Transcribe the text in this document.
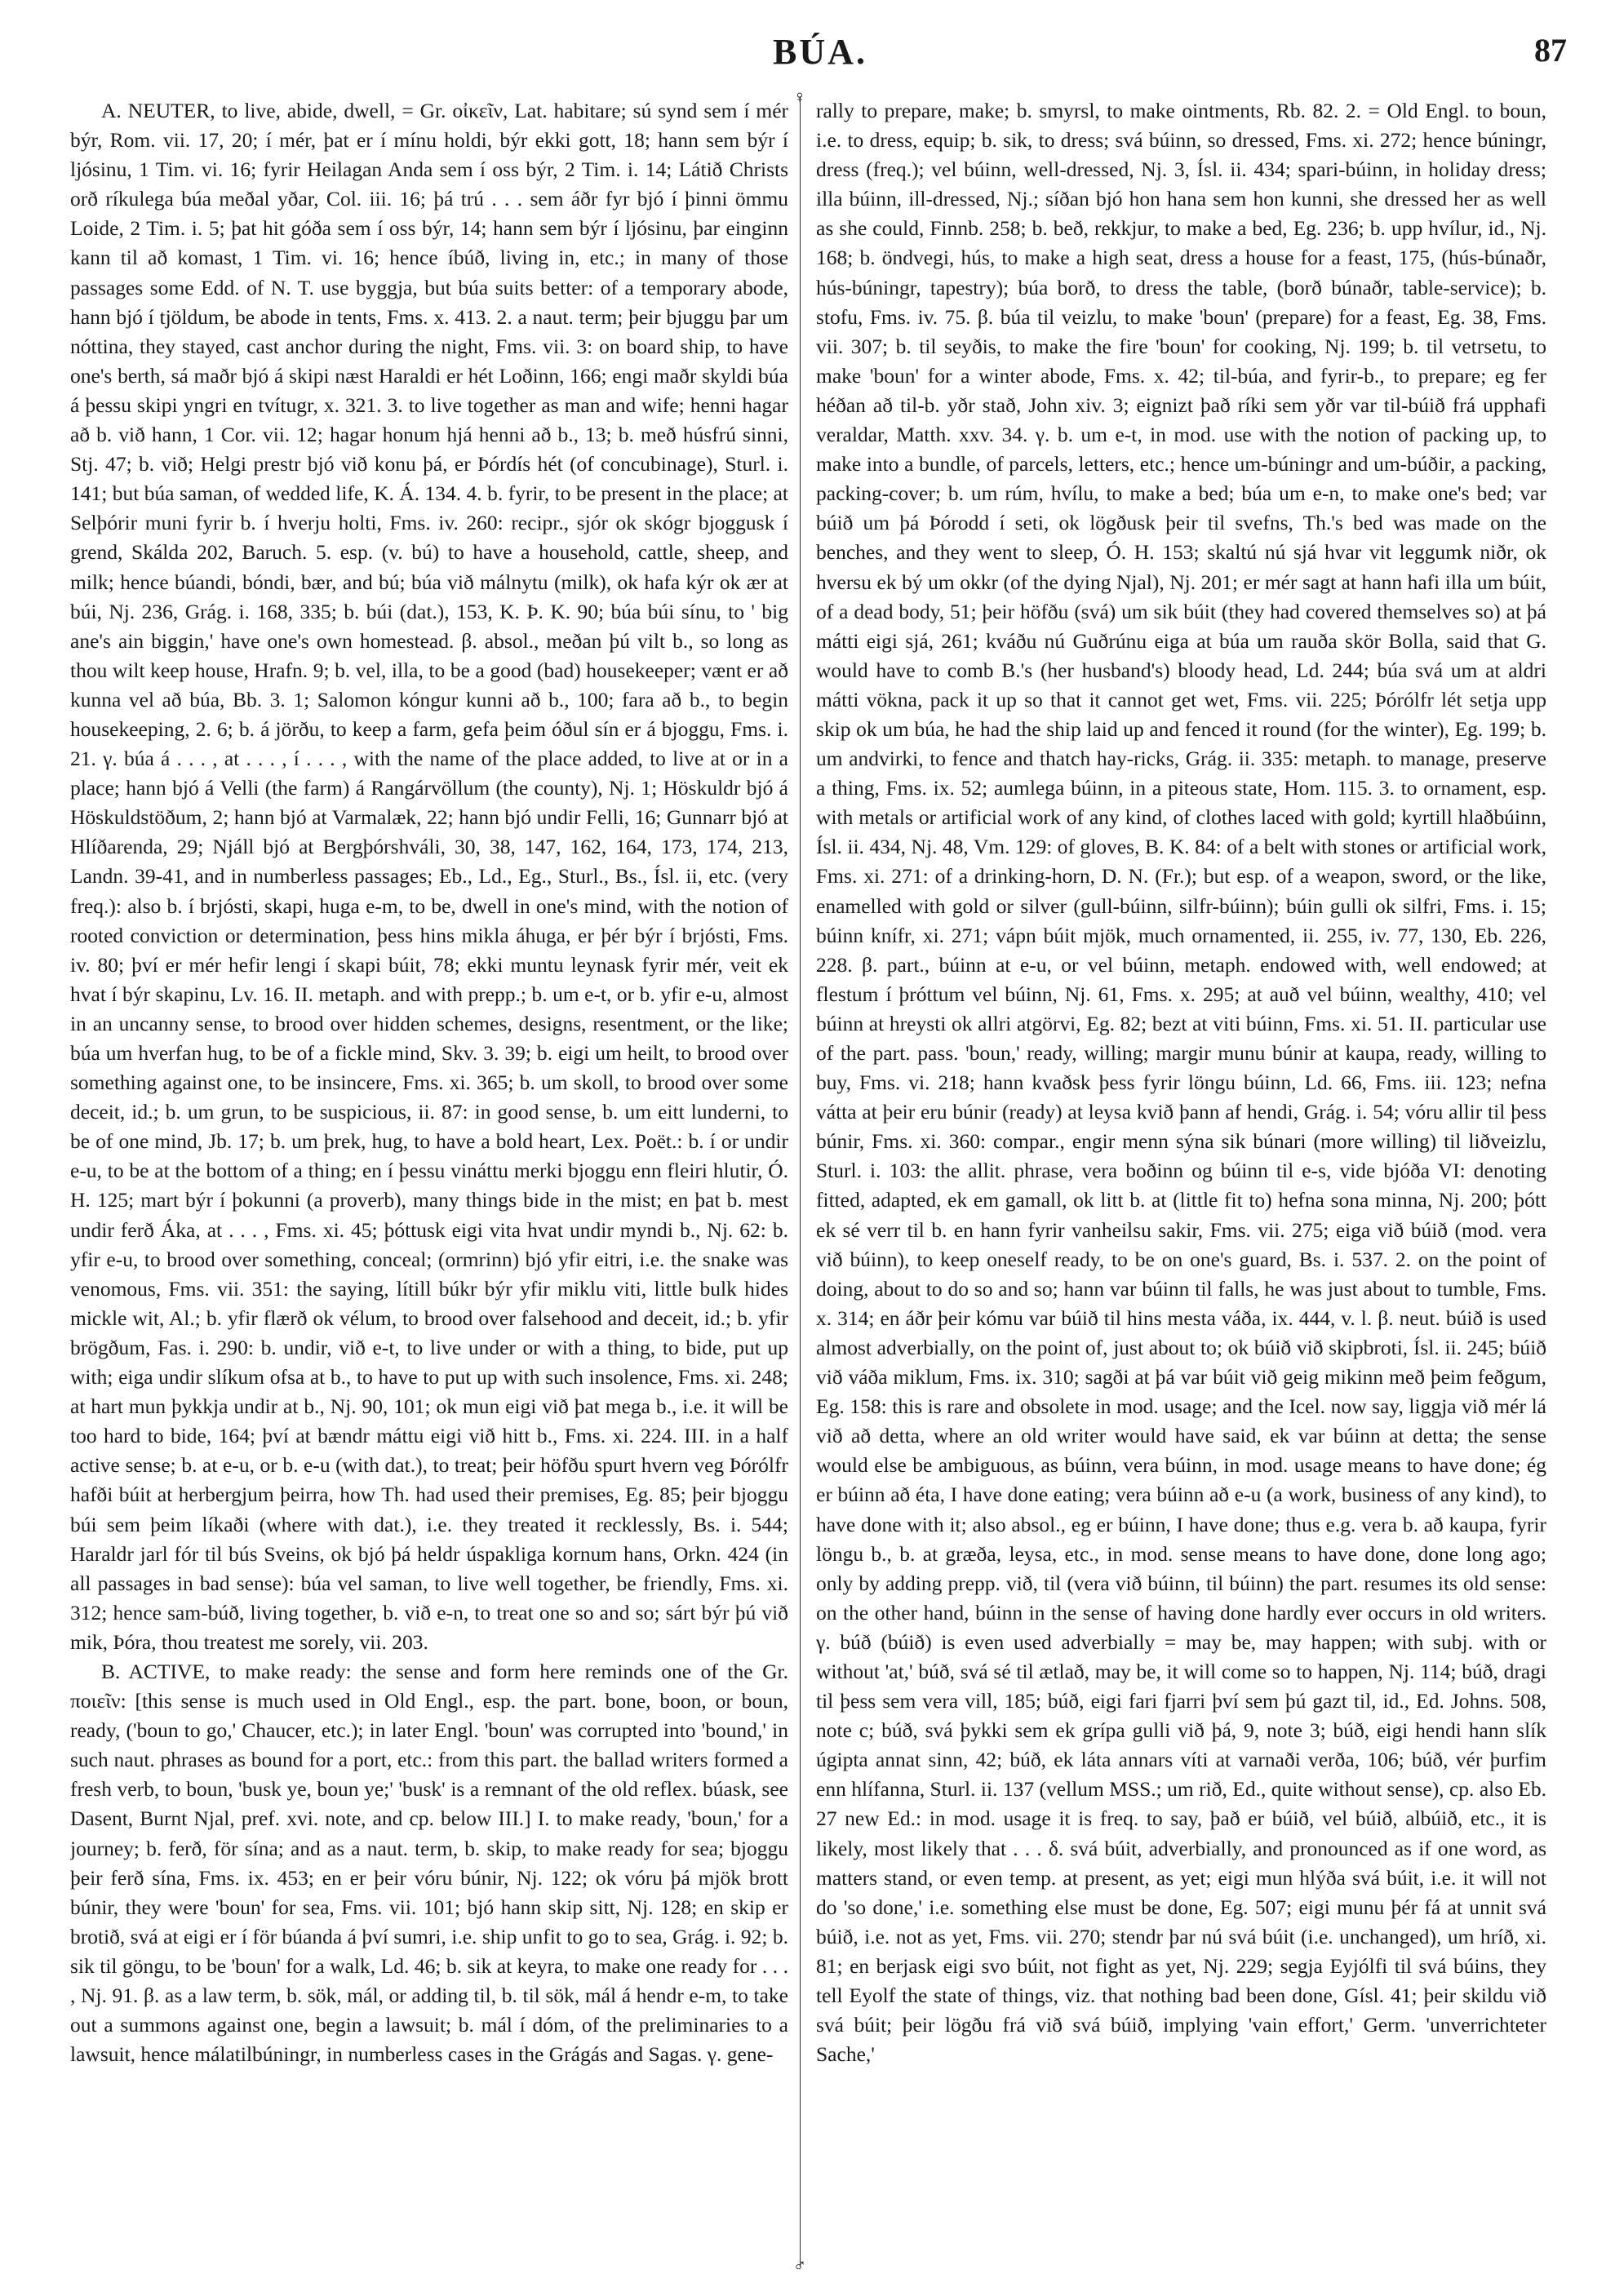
BÚA.	87

A. NEUTER, to live, abide, dwell, = Gr. οἰκεῖν, Lat. habitare; sú synd sem í mér býr, Rom. vii. 17, 20; í mér, þat er í mínu holdi, býr ekki gott, 18; hann sem býr í ljósinu, 1 Tim. vi. 16; fyrir Heilagan Anda sem í oss býr, 2 Tim. i. 14; Látið Christs orð ríkulega búa meðal yðar, Col. iii. 16; þá trú . . . sem áðr fyr bjó í þinni ömmu Loide, 2 Tim. i. 5; þat hit góða sem í oss býr, 14; hann sem býr í ljósinu, þar einginn kann til að komast, 1 Tim. vi. 16; hence íbúð, living in, etc.; in many of those passages some Edd. of N. T. use byggja, but búa suits better: of a temporary abode, hann bjó í tjöldum, be abode in tents, Fms. x. 413. 2. a naut. term; þeir bjuggu þar um nóttina, they stayed, cast anchor during the night, Fms. vii. 3: on board ship, to have one's berth, sá maðr bjó á skipi næst Haraldi er hét Loðinn, 166; engi maðr skyldi búa á þessu skipi yngri en tvítugr, x. 321. 3. to live together as man and wife; henni hagar að b. við hann, 1 Cor. vii. 12; hagar honum hjá henni að b., 13; b. með húsfrú sinni, Stj. 47; b. við; Helgi prestr bjó við konu þá, er Þórdís hét (of concubinage), Sturl. i. 141; but búa saman, of wedded life, K. Á. 134. 4. b. fyrir, to be present in the place; at Selþórir muni fyrir b. í hverju holti, Fms. iv. 260: recipr., sjór ok skógr bjoggusk í grend, Skálda 202, Baruch. 5. esp. (v. bú) to have a household, cattle, sheep, and milk; hence búandi, bóndi, bær, and bú; búa við málnytu (milk), ok hafa kýr ok ær at búi, Nj. 236, Grág. i. 168, 335; b. búi (dat.), 153, K. Þ. K. 90; búa búi sínu, to ' big ane's ain biggin,' have one's own homestead. β. absol., meðan þú vilt b., so long as thou wilt keep house, Hrafn. 9; b. vel, illa, to be a good (bad) housekeeper; vænt er að kunna vel að búa, Bb. 3. 1; Salomon kóngur kunni að b., 100; fara að b., to begin housekeeping, 2. 6; b. á jörðu, to keep a farm, gefa þeim óðul sín er á bjoggu, Fms. i. 21. γ. búa á . . . , at . . . , í . . . , with the name of the place added, to live at or in a place; hann bjó á Velli (the farm) á Rangárvöllum (the county), Nj. 1; Höskuldr bjó á Höskuldstöðum, 2; hann bjó at Varmalæk, 22; hann bjó undir Felli, 16; Gunnarr bjó at Hlíðarenda, 29; Njáll bjó at Bergþórshváli, 30, 38, 147, 162, 164, 173, 174, 213, Landn. 39-41, and in numberless passages; Eb., Ld., Eg., Sturl., Bs., Ísl. ii, etc. (very freq.): also b. í brjósti, skapi, huga e-m, to be, dwell in one's mind, with the notion of rooted conviction or determination, þess hins mikla áhuga, er þér býr í brjósti, Fms. iv. 80; því er mér hefir lengi í skapi búit, 78; ekki muntu leynask fyrir mér, veit ek hvat í býr skapinu, Lv. 16. II. metaph. and with prepp.; b. um e-t, or b. yfir e-u, almost in an uncanny sense, to brood over hidden schemes, designs, resentment, or the like; búa um hverfan hug, to be of a fickle mind, Skv. 3. 39; b. eigi um heilt, to brood over something against one, to be insincere, Fms. xi. 365; b. um skoll, to brood over some deceit, id.; b. um grun, to be suspicious, ii. 87: in good sense, b. um eitt lunderni, to be of one mind, Jb. 17; b. um þrek, hug, to have a bold heart, Lex. Poët.: b. í or undir e-u, to be at the bottom of a thing; en í þessu vináttu merki bjoggu enn fleiri hlutir, Ó. H. 125; mart býr í þokunni (a proverb), many things bide in the mist; en þat b. mest undir ferð Áka, at . . . , Fms. xi. 45; þóttusk eigi vita hvat undir myndi b., Nj. 62: b. yfir e-u, to brood over something, conceal; (ormrinn) bjó yfir eitri, i.e. the snake was venomous, Fms. vii. 351: the saying, lítill búkr býr yfir miklu viti, little bulk hides mickle wit, Al.; b. yfir flærð ok vélum, to brood over falsehood and deceit, id.; b. yfir brögðum, Fas. i. 290: b. undir, við e-t, to live under or with a thing, to bide, put up with; eiga undir slíkum ofsa at b., to have to put up with such insolence, Fms. xi. 248; at hart mun þykkja undir at b., Nj. 90, 101; ok mun eigi við þat mega b., i.e. it will be too hard to bide, 164; því at bændr máttu eigi við hitt b., Fms. xi. 224. III. in a half active sense; b. at e-u, or b. e-u (with dat.), to treat; þeir höfðu spurt hvern veg Þórólfr hafði búit at herbergjum þeirra, how Th. had used their premises, Eg. 85; þeir bjoggu búi sem þeim líkaði (where with dat.), i.e. they treated it recklessly, Bs. i. 544; Haraldr jarl fór til bús Sveins, ok bjó þá heldr úspakliga kornum hans, Orkn. 424 (in all passages in bad sense): búa vel saman, to live well together, be friendly, Fms. xi. 312; hence sam-búð, living together, b. við e-n, to treat one so and so; sárt býr þú við mik, Þóra, thou treatest me sorely, vii. 203.

B. ACTIVE, to make ready: the sense and form here reminds one of the Gr. ποιεῖν: [this sense is much used in Old Engl., esp. the part. bone, boon, or boun, ready, ('boun to go,' Chaucer, etc.); in later Engl. 'boun' was corrupted into 'bound,' in such naut. phrases as bound for a port, etc.: from this part. the ballad writers formed a fresh verb, to boun, 'busk ye, boun ye;' 'busk' is a remnant of the old reflex. búask, see Dasent, Burnt Njal, pref. xvi. note, and cp. below III.] I. to make ready, 'boun,' for a journey; b. ferð, för sína; and as a naut. term, b. skip, to make ready for sea; bjoggu þeir ferð sína, Fms. ix. 453; en er þeir vóru búnir, Nj. 122; ok vóru þá mjök brott búnir, they were 'boun' for sea, Fms. vii. 101; bjó hann skip sitt, Nj. 128; en skip er brotið, svá at eigi er í för búanda á því sumri, i.e. ship unfit to go to sea, Grág. i. 92; b. sik til göngu, to be 'boun' for a walk, Ld. 46; b. sik at keyra, to make one ready for . . . , Nj. 91. β. as a law term, b. sök, mál, or adding til, b. til sök, mál á hendr e-m, to take out a summons against one, begin a lawsuit; b. mál í dóm, of the preliminaries to a lawsuit, hence málatilbúningr, in numberless cases in the Grágás and Sagas. γ. gene-

♀
♂

rally to prepare, make; b. smyrsl, to make ointments, Rb. 82. 2. = Old Engl. to boun, i.e. to dress, equip; b. sik, to dress; svá búinn, so dressed, Fms. xi. 272; hence búningr, dress (freq.); vel búinn, well-dressed, Nj. 3, Ísl. ii. 434; spari-búinn, in holiday dress; illa búinn, ill-dressed, Nj.; síðan bjó hon hana sem hon kunni, she dressed her as well as she could, Finnb. 258; b. beð, rekkjur, to make a bed, Eg. 236; b. upp hvílur, id., Nj. 168; b. öndvegi, hús, to make a high seat, dress a house for a feast, 175, (hús-búnaðr, hús-búningr, tapestry); búa borð, to dress the table, (borð búnaðr, table-service); b. stofu, Fms. iv. 75. β. búa til veizlu, to make 'boun' (prepare) for a feast, Eg. 38, Fms. vii. 307; b. til seyðis, to make the fire 'boun' for cooking, Nj. 199; b. til vetrsetu, to make 'boun' for a winter abode, Fms. x. 42; til-búa, and fyrir-b., to prepare; eg fer héðan að til-b. yðr stað, John xiv. 3; eignizt það ríki sem yðr var til-búið frá upphafi veraldar, Matth. xxv. 34. γ. b. um e-t, in mod. use with the notion of packing up, to make into a bundle, of parcels, letters, etc.; hence um-búningr and um-búðir, a packing, packing-cover; b. um rúm, hvílu, to make a bed; búa um e-n, to make one's bed; var búið um þá Þórodd í seti, ok lögðusk þeir til svefns, Th.'s bed was made on the benches, and they went to sleep, Ó. H. 153; skaltú nú sjá hvar vit leggumk niðr, ok hversu ek bý um okkr (of the dying Njal), Nj. 201; er mér sagt at hann hafi illa um búit, of a dead body, 51; þeir höfðu (svá) um sik búit (they had covered themselves so) at þá mátti eigi sjá, 261; kváðu nú Guðrúnu eiga at búa um rauða skör Bolla, said that G. would have to comb B.'s (her husband's) bloody head, Ld. 244; búa svá um at aldri mátti vökna, pack it up so that it cannot get wet, Fms. vii. 225; Þórólfr lét setja upp skip ok um búa, he had the ship laid up and fenced it round (for the winter), Eg. 199; b. um andvirki, to fence and thatch hay-ricks, Grág. ii. 335: metaph. to manage, preserve a thing, Fms. ix. 52; aumlega búinn, in a piteous state, Hom. 115. 3. to ornament, esp. with metals or artificial work of any kind, of clothes laced with gold; kyrtill hlaðbúinn, Ísl. ii. 434, Nj. 48, Vm. 129: of gloves, B. K. 84: of a belt with stones or artificial work, Fms. xi. 271: of a drinking-horn, D. N. (Fr.); but esp. of a weapon, sword, or the like, enamelled with gold or silver (gull-búinn, silfr-búinn); búin gulli ok silfri, Fms. i. 15; búinn knífr, xi. 271; vápn búit mjök, much ornamented, ii. 255, iv. 77, 130, Eb. 226, 228. β. part., búinn at e-u, or vel búinn, metaph. endowed with, well endowed; at flestum í þróttum vel búinn, Nj. 61, Fms. x. 295; at auð vel búinn, wealthy, 410; vel búinn at hreysti ok allri atgörvi, Eg. 82; bezt at viti búinn, Fms. xi. 51. II. particular use of the part. pass. 'boun,' ready, willing; margir munu búnir at kaupa, ready, willing to buy, Fms. vi. 218; hann kvaðsk þess fyrir löngu búinn, Ld. 66, Fms. iii. 123; nefna vátta at þeir eru búnir (ready) at leysa kvið þann af hendi, Grág. i. 54; vóru allir til þess búnir, Fms. xi. 360: compar., engir menn sýna sik búnari (more willing) til liðveizlu, Sturl. i. 103: the allit. phrase, vera boðinn og búinn til e-s, vide bjóða VI: denoting fitted, adapted, ek em gamall, ok litt b. at (little fit to) hefna sona minna, Nj. 200; þótt ek sé verr til b. en hann fyrir vanheilsu sakir, Fms. vii. 275; eiga við búið (mod. vera við búinn), to keep oneself ready, to be on one's guard, Bs. i. 537. 2. on the point of doing, about to do so and so; hann var búinn til falls, he was just about to tumble, Fms. x. 314; en áðr þeir kómu var búið til hins mesta váða, ix. 444, v. l. β. neut. búið is used almost adverbially, on the point of, just about to; ok búið við skipbroti, Ísl. ii. 245; búið við váða miklum, Fms. ix. 310; sagði at þá var búit við geig mikinn með þeim feðgum, Eg. 158: this is rare and obsolete in mod. usage; and the Icel. now say, liggja við mér lá við að detta, where an old writer would have said, ek var búinn at detta; the sense would else be ambiguous, as búinn, vera búinn, in mod. usage means to have done; ég er búinn að éta, I have done eating; vera búinn að e-u (a work, business of any kind), to have done with it; also absol., eg er búinn, I have done; thus e.g. vera b. að kaupa, fyrir löngu b., b. at græða, leysa, etc., in mod. sense means to have done, done long ago; only by adding prepp. við, til (vera við búinn, til búinn) the part. resumes its old sense: on the other hand, búinn in the sense of having done hardly ever occurs in old writers. γ. búð (búið) is even used adverbially = may be, may happen; with subj. with or without 'at,' búð, svá sé til ætlað, may be, it will come so to happen, Nj. 114; búð, dragi til þess sem vera vill, 185; búð, eigi fari fjarri því sem þú gazt til, id., Ed. Johns. 508, note c; búð, svá þykki sem ek grípa gulli við þá, 9, note 3; búð, eigi hendi hann slík úgipta annat sinn, 42; búð, ek láta annars víti at varnaði verða, 106; búð, vér þurfim enn hlífanna, Sturl. ii. 137 (vellum MSS.; um rið, Ed., quite without sense), cp. also Eb. 27 new Ed.: in mod. usage it is freq. to say, það er búið, vel búið, albúið, etc., it is likely, most likely that . . . δ. svá búit, adverbially, and pronounced as if one word, as matters stand, or even temp. at present, as yet; eigi mun hlýða svá búit, i.e. it will not do 'so done,' i.e. something else must be done, Eg. 507; eigi munu þér fá at unnit svá búið, i.e. not as yet, Fms. vii. 270; stendr þar nú svá búit (i.e. unchanged), um hríð, xi. 81; en berjask eigi svo búit, not fight as yet, Nj. 229; segja Eyjólfi til svá búins, they tell Eyolf the state of things, viz. that nothing bad been done, Gísl. 41; þeir skildu við svá búit; þeir lögðu frá við svá búið, implying 'vain effort,' Germ. 'unverrichteter Sache,'
